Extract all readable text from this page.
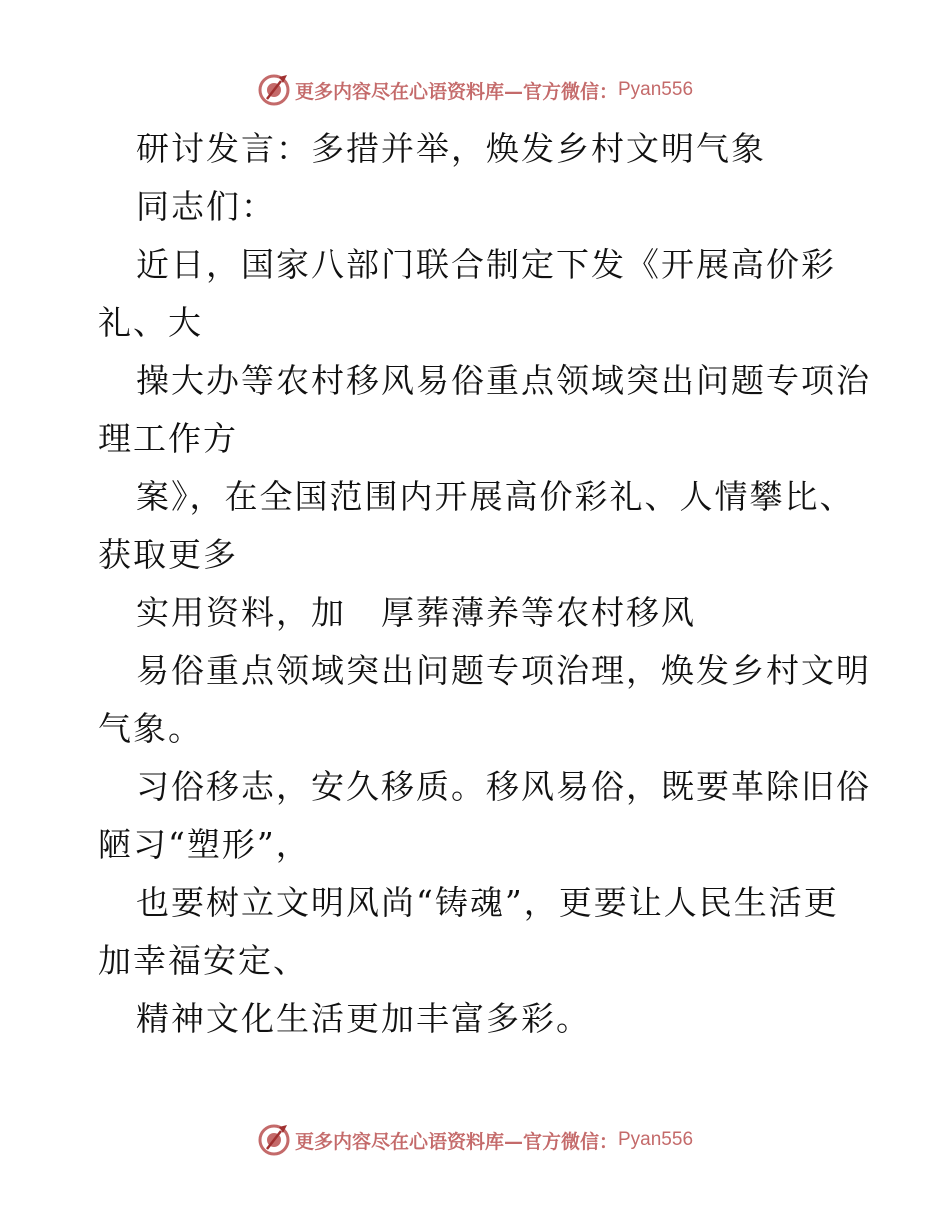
更多内容尽在心语资料库—官方微信： Pyan556
研讨发言：多措并举，焕发乡村文明气象
同志们：
近日，国家八部门联合制定下发《开展高价彩
礼、大
操大办等农村移风易俗重点领域突出问题专项治
理工作方
案》，在全国范围内开展高价彩礼、人情攀比、
获取更多
实用资料，加　厚葬薄养等农村移风
易俗重点领域突出问题专项治理，焕发乡村文明
气象。
习俗移志，安久移质。移风易俗，既要革除旧俗
陋习“塑形”，
也要树立文明风尚“铸魂”，更要让人民生活更
加幸福安定、
精神文化生活更加丰富多彩。
更多内容尽在心语资料库—官方微信： Pyan556
